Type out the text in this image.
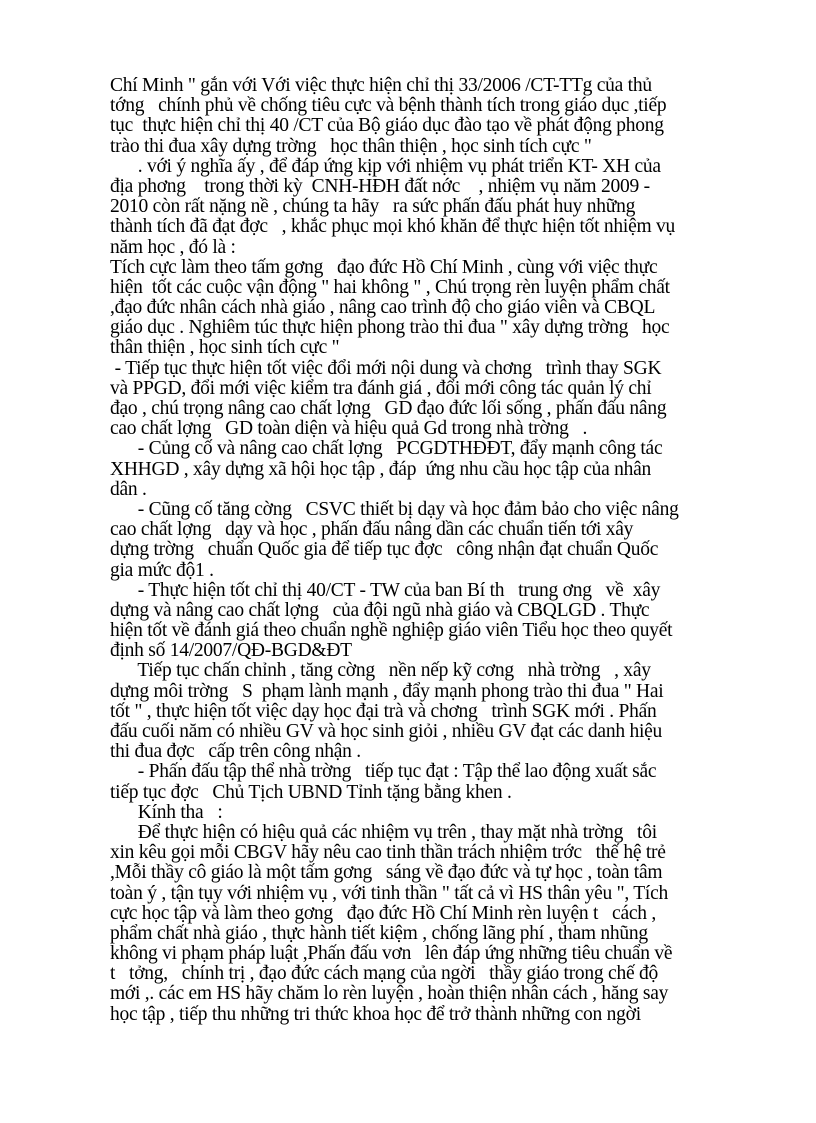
Chí Minh " gắn với Với việc thực hiện chỉ thị 33/2006 /CT-TTg của thủ
tớng   chính phủ về chống tiêu cực và bệnh thành tích trong giáo dục ,tiếp
tục  thực hiện chỉ thị 40 /CT của Bộ giáo dục đào tạo về phát động phong
trào thi đua xây dựng trờng   học thân thiện , học sinh tích cực "
. với ý nghĩa ấy , để đáp ứng kịp với nhiệm vụ phát triển KT- XH của
địa phơng    trong thời kỳ  CNH-HĐH đất nớc    , nhiệm vụ năm 2009 -
2010 còn rất nặng nề , chúng ta hãy   ra sức phấn đấu phát huy những
thành tích đã đạt đợc   , khắc phục mọi khó khăn để thực hiện tốt nhiệm vụ
năm học , đó là :
Tích cực làm theo tấm gơng   đạo đức Hồ Chí Minh , cùng với việc thực
hiện  tốt các cuộc vận động " hai không " , Chú trọng rèn luyện phẩm chất
,đạo đức nhân cách nhà giáo , nâng cao trình độ cho giáo viên và CBQL
giáo dục . Nghiêm túc thực hiện phong trào thi đua " xây dựng trờng   học
thân thiện , học sinh tích cực "
- Tiếp tục thực hiện tốt việc đổi mới nội dung và chơng   trình thay SGK
và PPGD, đổi mới việc kiểm tra đánh giá , đổi mới công tác quản lý chỉ
đạo , chú trọng nâng cao chất lợng   GD đạo đức lối sống , phấn đấu nâng
cao chất lợng   GD toàn diện và hiệu quả Gd trong nhà trờng   .
- Củng cố và nâng cao chất lợng   PCGDTHĐĐT, đẩy mạnh công tác
XHHGD , xây dựng xã hội học tập , đáp  ứng nhu cầu học tập của nhân
dân .
- Cũng cố tăng cờng   CSVC thiết bị dạy và học đảm bảo cho việc nâng
cao chất lợng   dạy và học , phấn đấu nâng dần các chuẩn tiến tới xây
dựng trờng   chuẩn Quốc gia để tiếp tục đợc   công nhận đạt chuẩn Quốc
gia mức độ1 .
- Thực hiện tốt chỉ thị 40/CT - TW của ban Bí th   trung ơng   về  xây
dựng và nâng cao chất lợng   của đội ngũ nhà giáo và CBQLGD . Thực
hiện tốt về đánh giá theo chuẩn nghề nghiệp giáo viên Tiểu học theo quyết
định số 14/2007/QĐ-BGD&ĐT
Tiếp tục chấn chỉnh , tăng cờng   nền nếp kỹ cơng   nhà trờng   , xây
dựng môi trờng   S  phạm lành mạnh , đẩy mạnh phong trào thi đua " Hai
tốt " , thực hiện tốt việc dạy học đại trà và chơng   trình SGK mới . Phấn
đấu cuối năm có nhiều GV và học sinh giỏi , nhiều GV đạt các danh hiệu
thi đua đợc   cấp trên công nhận .
- Phấn đấu tập thể nhà trờng   tiếp tục đạt : Tập thể lao động xuất sắc
tiếp tục đợc   Chủ Tịch UBND Tỉnh tặng bằng khen .
Kính tha   :
Để thực hiện có hiệu quả các nhiệm vụ trên , thay mặt nhà trờng   tôi
xin kêu gọi mỗi CBGV hãy nêu cao tinh thần trách nhiệm trớc   thế hệ trẻ
,Mỗi thầy cô giáo là một tấm gơng   sáng về đạo đức và tự học , toàn tâm
toàn ý , tận tụy với nhiệm vụ , với tinh thần " tất cả vì HS thân yêu ", Tích
cực học tập và làm theo gơng   đạo đức Hồ Chí Minh rèn luyện t   cách ,
phẩm chất nhà giáo , thực hành tiết kiệm , chống lãng phí , tham nhũng
không vi phạm pháp luật ,Phấn đấu vơn   lên đáp ứng những tiêu chuẩn về
t   tởng,   chính trị , đạo đức cách mạng của ngời   thầy giáo trong chế độ
mới ,. các em HS hãy chăm lo rèn luyện , hoàn thiện nhân cách , hăng say
học tập , tiếp thu những tri thức khoa học để trở thành những con ngời
